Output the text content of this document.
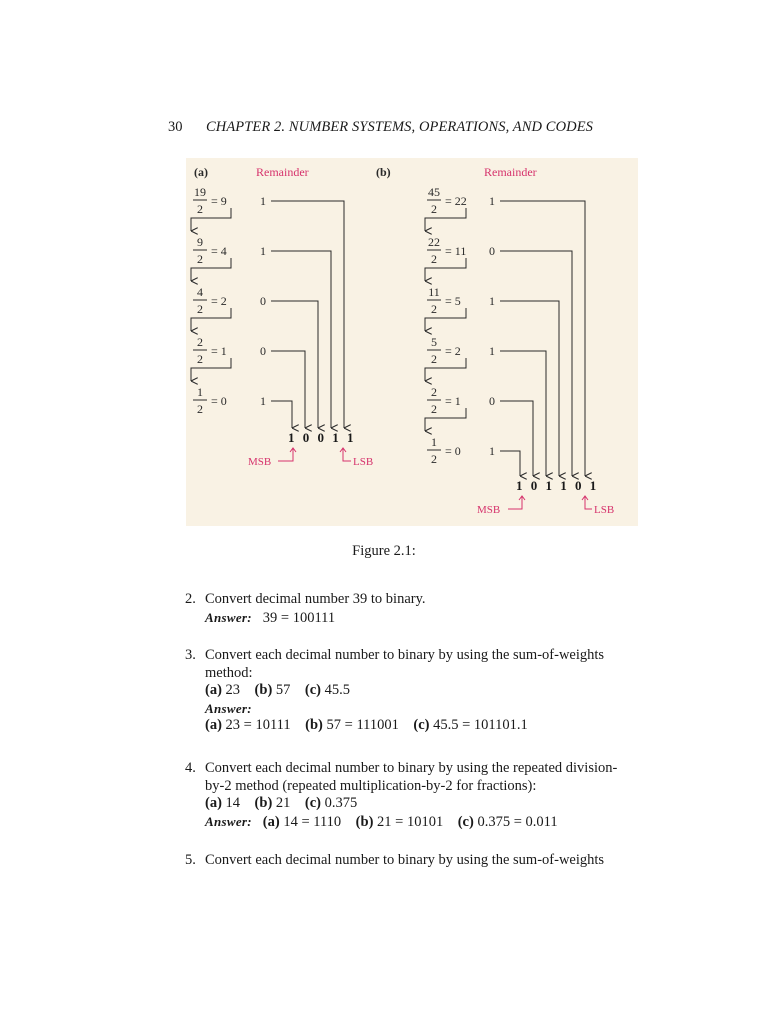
30 CHAPTER 2. NUMBER SYSTEMS, OPERATIONS, AND CODES
(a)	Remainder
19
2
= 9	1
9
2
= 4	1
4
2
= 2	0
2
2
= 1	0
1
2
= 0	1
1 0 0 1 1
MSB	LSB
(b)	Remainder
45
2
= 22 1
22
2
= 11 0
11
2
= 5 1
5
2
= 2 1
2
2
= 1 0
1
2
= 0 1
1 0 1 1 0 1
MSB	LSB
Figure 2.1:
2. Convert decimal number 39 to binary.
Answer: 39 = 100111
3. Convert each decimal number to binary by using the sum-of-weights
method:
(a) 23 (b) 57 (c) 45.5
Answer:
(a) 23 = 10111 (b) 57 = 111001 (c) 45.5 = 101101.1
4. Convert each decimal number to binary by using the repeated division-
by-2 method (repeated multiplication-by-2 for fractions):
(a) 14 (b) 21 (c) 0.375
Answer: (a) 14 = 1110 (b) 21 = 10101 (c) 0.375 = 0.011
5. Convert each decimal number to binary by using the sum-of-weights
